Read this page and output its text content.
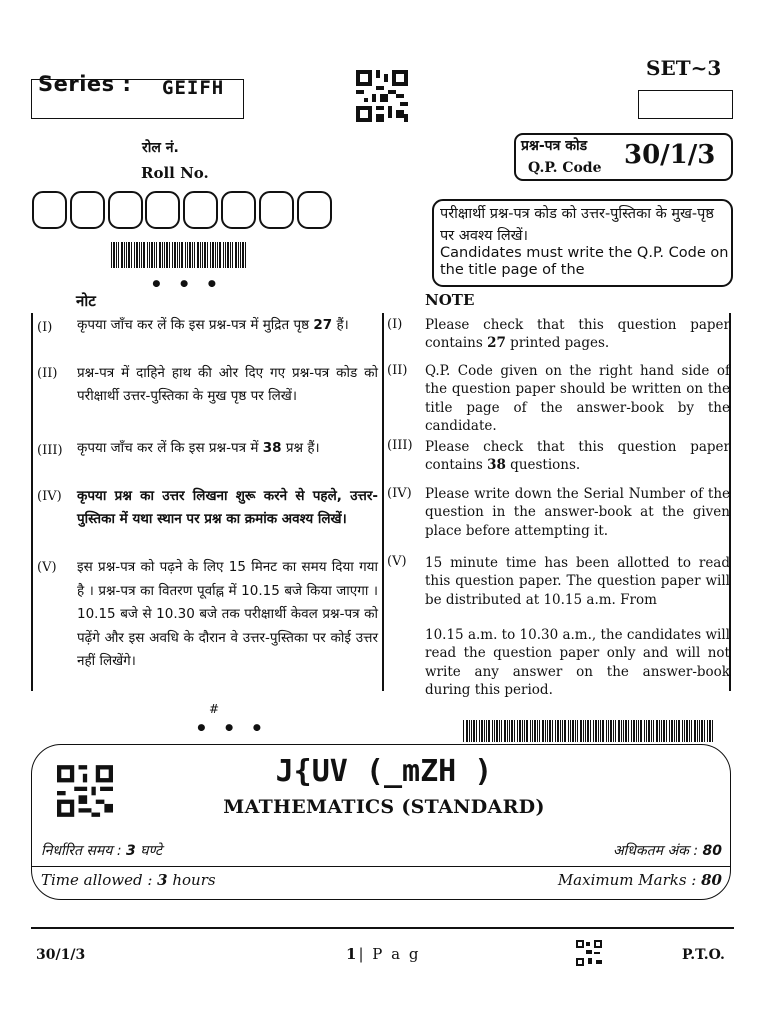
Series : GEIFH
SET~3
रोल नं.
Roll No.
• • •
प्रश्न-पत्र कोड
Q.P. Code 30/1/3
परीक्षार्थी प्रश्न-पत्र कोड को उत्तर-पुस्तिका के मुख-पृष्ठ पर अवश्य लिखें।
Candidates must write the Q.P. Code on the title page of the
नोट	NOTE
(I) कृपया जाँच कर लें कि इस प्रश्न-पत्र में मुद्रित पृष्ठ 27 हैं।
(II) प्रश्न-पत्र में दाहिने हाथ की ओर दिए गए प्रश्न-पत्र कोड को परीक्षार्थी उत्तर-पुस्तिका के मुख पृष्ठ पर लिखें।
(III) कृपया जाँच कर लें कि इस प्रश्न-पत्र में 38 प्रश्न हैं।
(IV) कृपया प्रश्न का उत्तर लिखना शुरू करने से पहले, उत्तर-पुस्तिका में यथा स्थान पर प्रश्न का क्रमांक अवश्य लिखें।
(V) इस प्रश्न-पत्र को पढ़ने के लिए 15 मिनट का समय दिया गया है । प्रश्न-पत्र का वितरण पूर्वाह्न में 10.15 बजे किया जाएगा । 10.15 बजे से 10.30 बजे तक परीक्षार्थी केवल प्रश्न-पत्र को पढ़ेंगे और इस अवधि के दौरान वे उत्तर-पुस्तिका पर कोई उत्तर नहीं लिखेंगे।
(I) Please check that this question paper contains 27 printed pages.
(II) Q.P. Code given on the right hand side of the question paper should be written on the title page of the answer-book by the candidate.
(III) Please check that this question paper contains 38 questions.
(IV) Please write down the Serial Number of the question in the answer-book at the given place before attempting it.
(V) 15 minute time has been allotted to read this question paper. The question paper will be distributed at 10.15 a.m. From
10.15 a.m. to 10.30 a.m., the candidates will read the question paper only and will not write any answer on the answer-book during this period.
#
• • •
J{UV (_mZH )
MATHEMATICS (STANDARD)
निर्धारित समय : 3 घण्टे	अधिकतम अंक : 80
Time allowed : 3 hours	Maximum Marks : 80
30/1/3	1| P a g	P.T.O.
